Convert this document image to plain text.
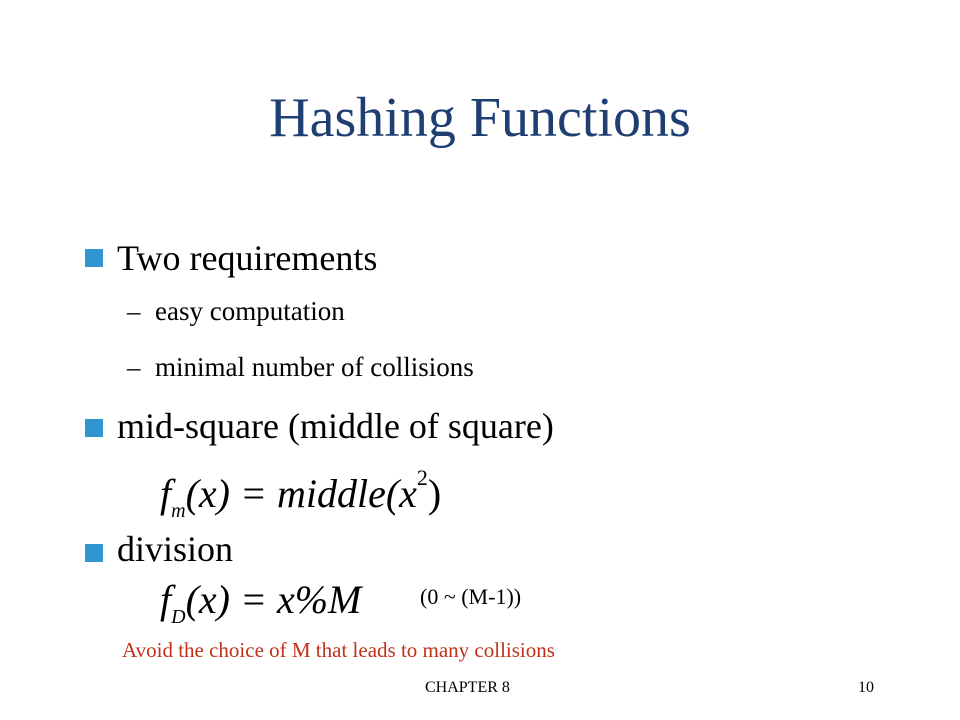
Hashing Functions
Two requirements
– easy computation
– minimal number of collisions
mid-square (middle of square)
$f_m(x)$ = $middle(x^2)$
division
$f_D(x) = x\%M$	(0 ~ (M-1))
Avoid the choice of M that leads to many collisions
CHAPTER 8	10
